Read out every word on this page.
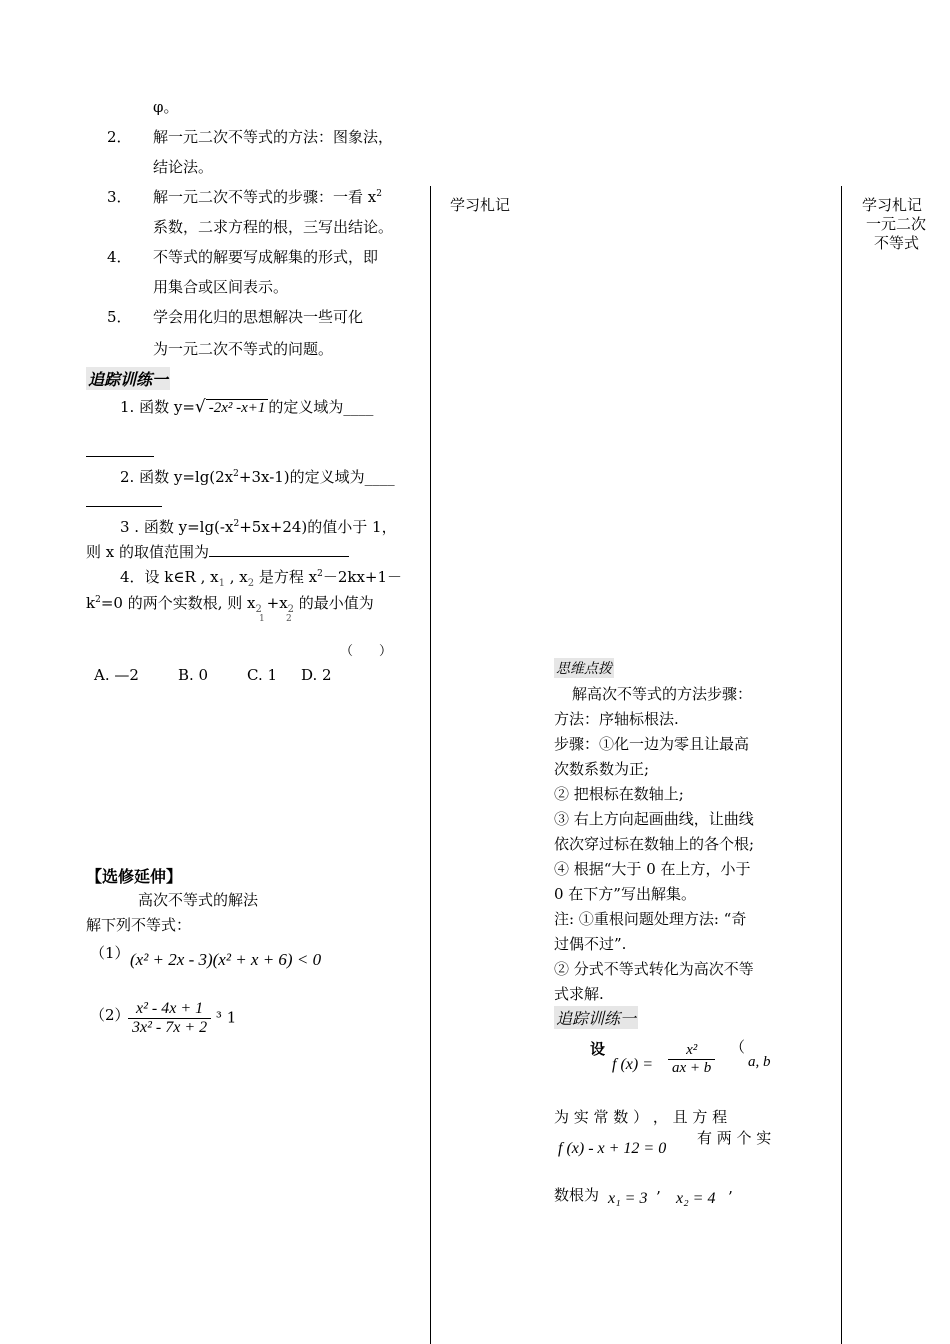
φ。
2． 解一元二次不等式的方法：图象法，
结论法。
3． 解一元二次不等式的步骤：一看 $x^2$
系数，二求方程的根，三写出结论。
4． 不等式的解要写成解集的形式，即
用集合或区间表示。
5． 学会用化归的思想解决一些可化
为一元二次不等式的问题。
追踪训练一
1. 函数 y=√ -2x² -x+1 的定义域为____
2. 函数 $y=\lg(2x^2+3x-1)$的定义域为____
3 . 函数 $y=\lg(-x^2+5x+24)$的值小于 1，
则 x 的取值范围为
4．设 k∈R , $x_1$ , $x_2$ 是方程 $x^2-2kx+1-$
$k^2=0$ 的两个实数根, 则 $x_2 +x_2$ 的最小值为
1 2
（　　）
A. —2	B. 0	C. 1 D. 2
【选修延伸】
高次不等式的解法
解下列不等式：
（1） (x² + 2x - 3)(x² + x + 6) < 0
（2）
$\frac{\text{x² - 4x + 1}}{\text{3x² - 7x + 2}} ^3$ 1
学习札记
思维点拨
解高次不等式的方法步骤：
方法：序轴标根法.
步骤：①化一边为零且让最高
次数系数为正;
② 把根标在数轴上;
③ 右上方向起画曲线，让曲线
依次穿过标在数轴上的各个根;
④ 根据“大于 0 在上方，小于
0 在下方”写出解集。
注: ①重根问题处理方法: “奇
过偶不过”.
② 分式不等式转化为高次不等
式求解.
追踪训练一
设
f $(x) = \frac{\text{x²}}{ax + b}$ （
a, b
为 实 常 数 ） ， 且 方 程
f (x) - x + 12 = 0
有 两 个 实
数根为 x₁ = 3 ’ x₂ = 4 ’
学习札记
一元二次
不等式
